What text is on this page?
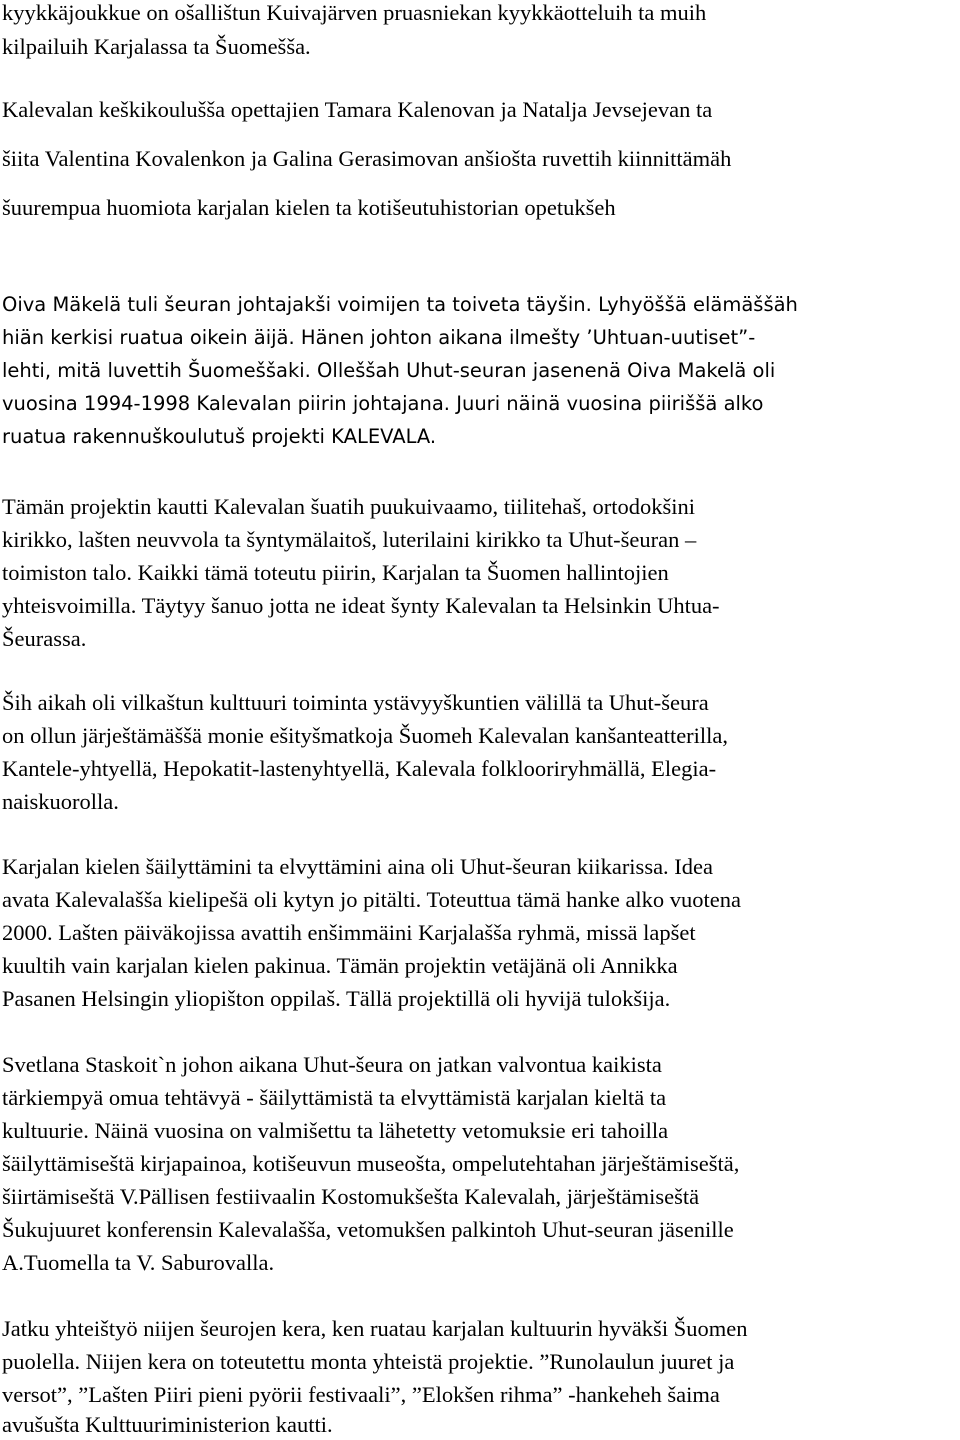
kyykkäjoukkue on ošallištun Kuivajärven pruasniekan kyykkäotteluih ta muih
kilpailuih Karjalassa ta Šuomešša.
Kalevalan keškikoulušša opettajien Tamara Kalenovan ja Natalja Jevsejevan ta
šiita Valentina Kovalenkon ja Galina Gerasimovan anšiošta ruvettih kiinnittämäh
šuurempua huomiota karjalan kielen ta kotišeutuhistorian opetukšeh
Oiva Mäkelä tuli šeuran johtajakši voimijen ta toiveta täyšin. Lyhyöššä elämäššäh
hiän kerkisi ruatua oikein äijä. Hänen johton aikana ilmešty ’Uhtuan-uutiset”-
lehti, mitä luvettih Šuomeššaki. Olleššah Uhut-seuran jasenenä Oiva Makelä oli
vuosina 1994-1998 Kalevalan piirin johtajana. Juuri näinä vuosina piiriššä alko
ruatua rakennuškoulutuš projekti KALEVALA.
Tämän projektin kautti Kalevalan šuatih puukuivaamo, tiilitehaš, ortodokšini
kirikko, lašten neuvvola ta šyntymälaitoš, luterilaini kirikko ta Uhut-šeuran –
toimiston talo. Kaikki tämä toteutu piirin, Karjalan ta Šuomen hallintojien
yhteisvoimilla. Täytyy šanuo jotta ne ideat šynty Kalevalan ta Helsinkin Uhtua-
Šeurassa.
Ših aikah oli vilkaštun kulttuuri toiminta ystävyyškuntien välillä ta Uhut-šeura
on ollun järještämäššä monie ešityšmatkoja Šuomeh Kalevalan kanšanteatterilla,
Kantele-yhtyellä, Hepokatit-lastenyhtyellä, Kalevala folklooriryhmällä, Elegia-
naiskuorolla.
Karjalan kielen šäilyttämini ta elvyttämini aina oli Uhut-šeuran kiikarissa. Idea
avata Kalevalašša kielipešä oli kytyn jo pitälti. Toteuttua tämä hanke alko vuotena
2000. Lašten päiväkojissa avattih enšimmäini Karjalašša ryhmä, missä lapšet
kuultih vain karjalan kielen pakinua. Tämän projektin vetäjänä oli Annikka
Pasanen Helsingin yliopišton oppilaš. Tällä projektillä oli hyvijä tulokšija.
Svetlana Staskoit`n johon aikana Uhut-šeura on jatkan valvontua kaikista
tärkiempyä omua tehtävyä - šäilyttämistä ta elvyttämistä karjalan kieltä ta
kultuurie. Näinä vuosina on valmišettu ta lähetetty vetomuksie eri tahoilla
šäilyttämiseštä kirjapainoa, kotišeuvun museošta, ompelutehtahan järještämiseštä,
šiirtämiseštä V.Pällisen festiivaalin Kostomukšešta Kalevalah, järještämiseštä
Šukujuuret konferensin Kalevalašša, vetomukšen palkintoh Uhut-seuran jäsenille
A.Tuomella ta V. Saburovalla.
Jatku yhteištyö niijen šeurojen kera, ken ruatau karjalan kultuurin hyväkši Šuomen
puolella. Niijen kera on toteutettu monta yhteistä projektie. ”Runolaulun juuret ja
versot”, ”Lašten Piiri pieni pyörii festivaali”, ”Elokšen rihma” -hankeheh šaima
avušušta Kulttuuriministerion kautti.
